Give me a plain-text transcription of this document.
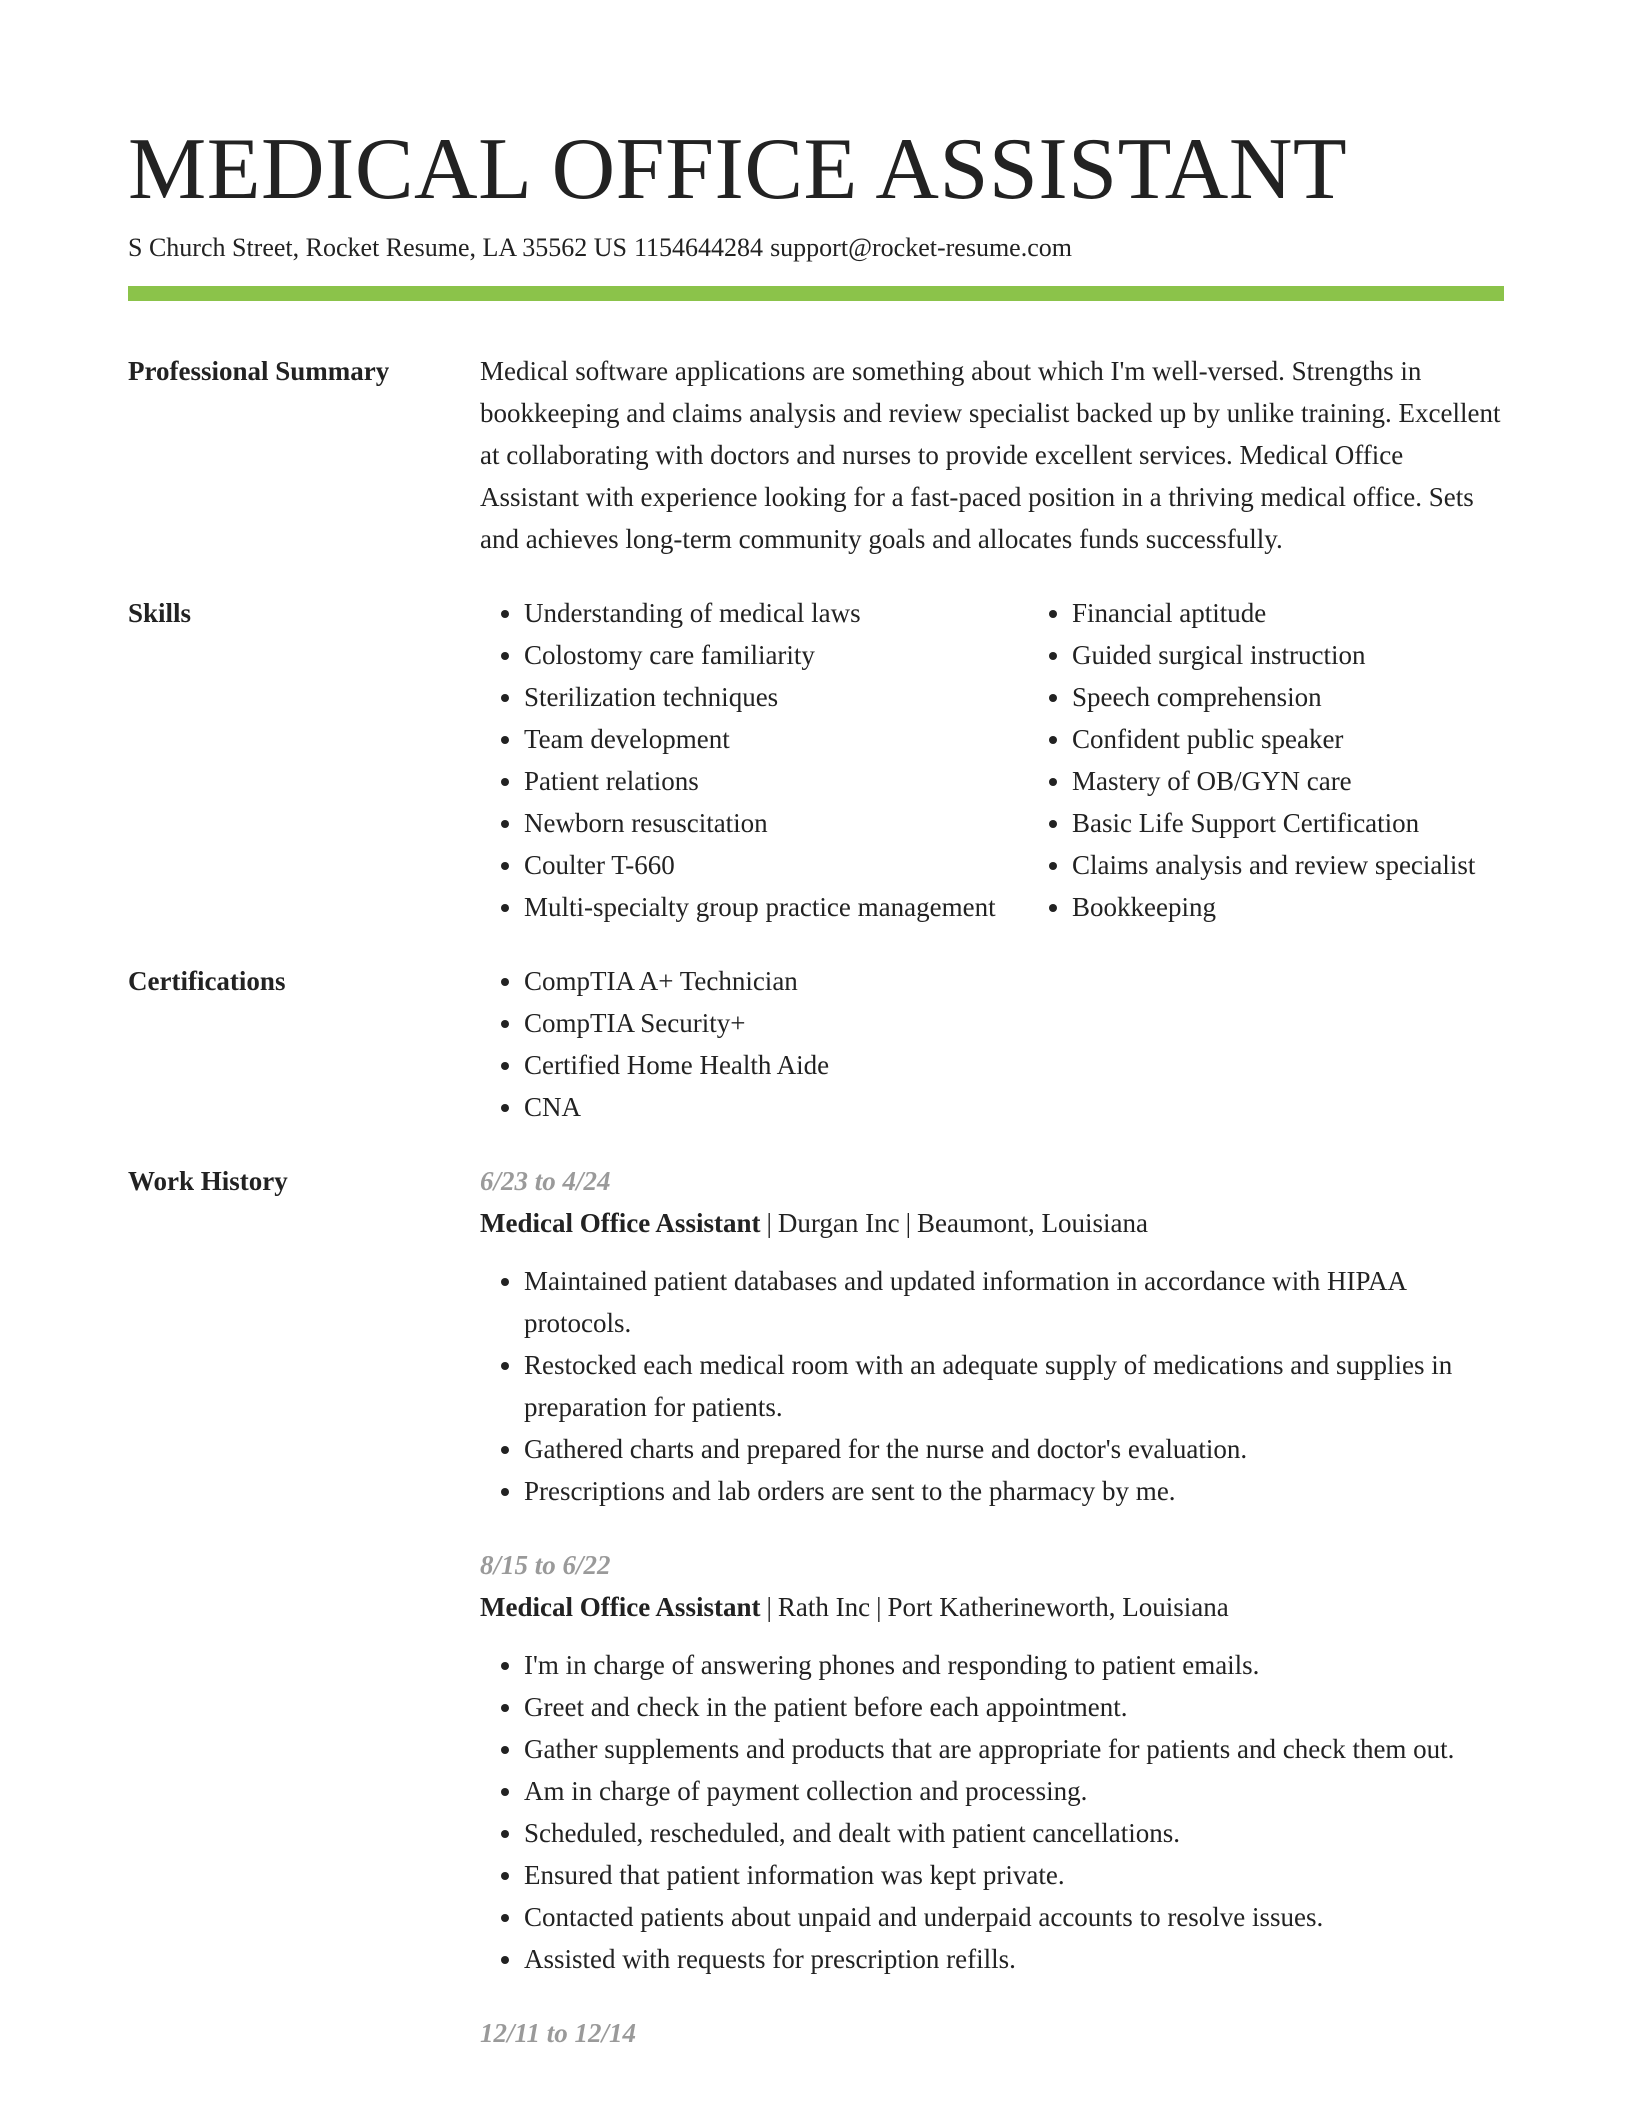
MEDICAL OFFICE ASSISTANT
S Church Street, Rocket Resume, LA 35562 US 1154644284 support@rocket-resume.com
Professional Summary	Medical software applications are something about which I'm well-versed. Strengths in bookkeeping and claims analysis and review specialist backed up by unlike training. Excellent at collaborating with doctors and nurses to provide excellent services. Medical Office Assistant with experience looking for a fast-paced position in a thriving medical office. Sets and achieves long-term community goals and allocates funds successfully.

Skills	• Understanding of medical laws
• Colostomy care familiarity
• Sterilization techniques
• Team development
• Patient relations
• Newborn resuscitation
• Coulter T-660
• Multi-specialty group practice management
• Financial aptitude
• Guided surgical instruction
• Speech comprehension
• Confident public speaker
• Mastery of OB/GYN care
• Basic Life Support Certification
• Claims analysis and review specialist
• Bookkeeping
Certifications	• CompTIA A+ Technician
• CompTIA Security+
• Certified Home Health Aide
• CNA
Work History	6/23 to 4/24
Medical Office Assistant | Durgan Inc | Beaumont, Louisiana
• Maintained patient databases and updated information in accordance with HIPAA protocols.
• Restocked each medical room with an adequate supply of medications and supplies in preparation for patients.
• Gathered charts and prepared for the nurse and doctor's evaluation.
• Prescriptions and lab orders are sent to the pharmacy by me.
8/15 to 6/22
Medical Office Assistant | Rath Inc | Port Katherineworth, Louisiana
• I'm in charge of answering phones and responding to patient emails.
• Greet and check in the patient before each appointment.
• Gather supplements and products that are appropriate for patients and check them out.
• Am in charge of payment collection and processing.
• Scheduled, rescheduled, and dealt with patient cancellations.
• Ensured that patient information was kept private.
• Contacted patients about unpaid and underpaid accounts to resolve issues.
• Assisted with requests for prescription refills.
12/11 to 12/14
